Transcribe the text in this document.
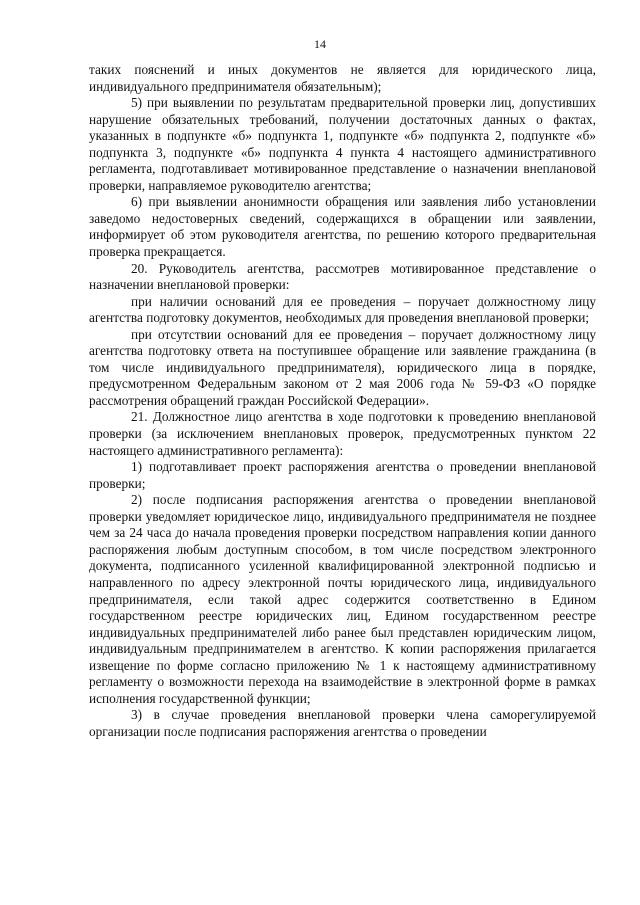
14

таких пояснений и иных документов не является для юридического лица, индивидуального предпринимателя обязательным);

5) при выявлении по результатам предварительной проверки лиц, допустивших нарушение обязательных требований, получении достаточных данных о фактах, указанных в подпункте «б» подпункта 1, подпункте «б» подпункта 2, подпункте «б» подпункта 3, подпункте «б» подпункта 4 пункта 4 настоящего административного регламента, подготавливает мотивированное представление о назначении внеплановой проверки, направляемое руководителю агентства;

6) при выявлении анонимности обращения или заявления либо установлении заведомо недостоверных сведений, содержащихся в обращении или заявлении, информирует об этом руководителя агентства, по решению которого предварительная проверка прекращается.

20. Руководитель агентства, рассмотрев мотивированное представление о назначении внеплановой проверки:

при наличии оснований для ее проведения – поручает должностному лицу агентства подготовку документов, необходимых для проведения внеплановой проверки;

при отсутствии оснований для ее проведения – поручает должностному лицу агентства подготовку ответа на поступившее обращение или заявление гражданина (в том числе индивидуального предпринимателя), юридического лица в порядке, предусмотренном Федеральным законом от 2 мая 2006 года № 59-ФЗ «О порядке рассмотрения обращений граждан Российской Федерации».

21. Должностное лицо агентства в ходе подготовки к проведению внеплановой проверки (за исключением внеплановых проверок, предусмотренных пунктом 22 настоящего административного регламента):

1) подготавливает проект распоряжения агентства о проведении внеплановой проверки;

2) после подписания распоряжения агентства о проведении внеплановой проверки уведомляет юридическое лицо, индивидуального предпринимателя не позднее чем за 24 часа до начала проведения проверки посредством направления копии данного распоряжения любым доступным способом, в том числе посредством электронного документа, подписанного усиленной квалифицированной электронной подписью и направленного по адресу электронной почты юридического лица, индивидуального предпринимателя, если такой адрес содержится соответственно в Едином государственном реестре юридических лиц, Едином государственном реестре индивидуальных предпринимателей либо ранее был представлен юридическим лицом, индивидуальным предпринимателем в агентство. К копии распоряжения прилагается извещение по форме согласно приложению № 1 к настоящему административному регламенту о возможности перехода на взаимодействие в электронной форме в рамках исполнения государственной функции;

3) в случае проведения внеплановой проверки члена саморегулируемой организации после подписания распоряжения агентства о проведении
